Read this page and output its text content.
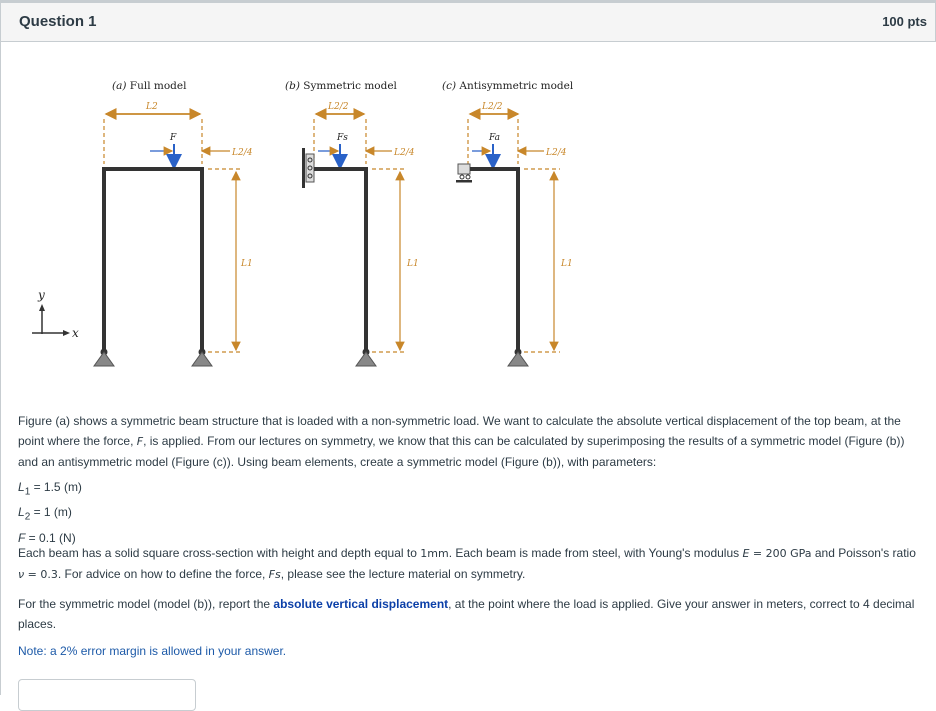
Question 1	100 pts
(a) Full model
L2
F
L2/4
L1
y
x
(b) Symmetric model
L2/2
Fs
L2/4
L1
(c) Antisymmetric model
L2/2
Fa
L2/4
L1
Figure (a) shows a symmetric beam structure that is loaded with a non-symmetric load. We want to calculate the absolute vertical displacement of the top beam, at the point where the force, F, is applied. From our lectures on symmetry, we know that this can be calculated by superimposing the results of a symmetric model (Figure (b)) and an antisymmetric model (Figure (c)). Using beam elements, create a symmetric model (Figure (b)), with parameters:
$L_1 = 1.5$ (m)
$L_2 = 1$ (m)
F = 0.1 (N)
Each beam has a solid square cross-section with height and depth equal to 1mm. Each beam is made from steel, with Young's modulus E = 200 GPa and Poisson's ratio ν = 0.3. For advice on how to define the force, Fs, please see the lecture material on symmetry.
For the symmetric model (model (b)), report the absolute vertical displacement, at the point where the load is applied. Give your answer in meters, correct to 4 decimal places.
Note: a 2% error margin is allowed in your answer.
